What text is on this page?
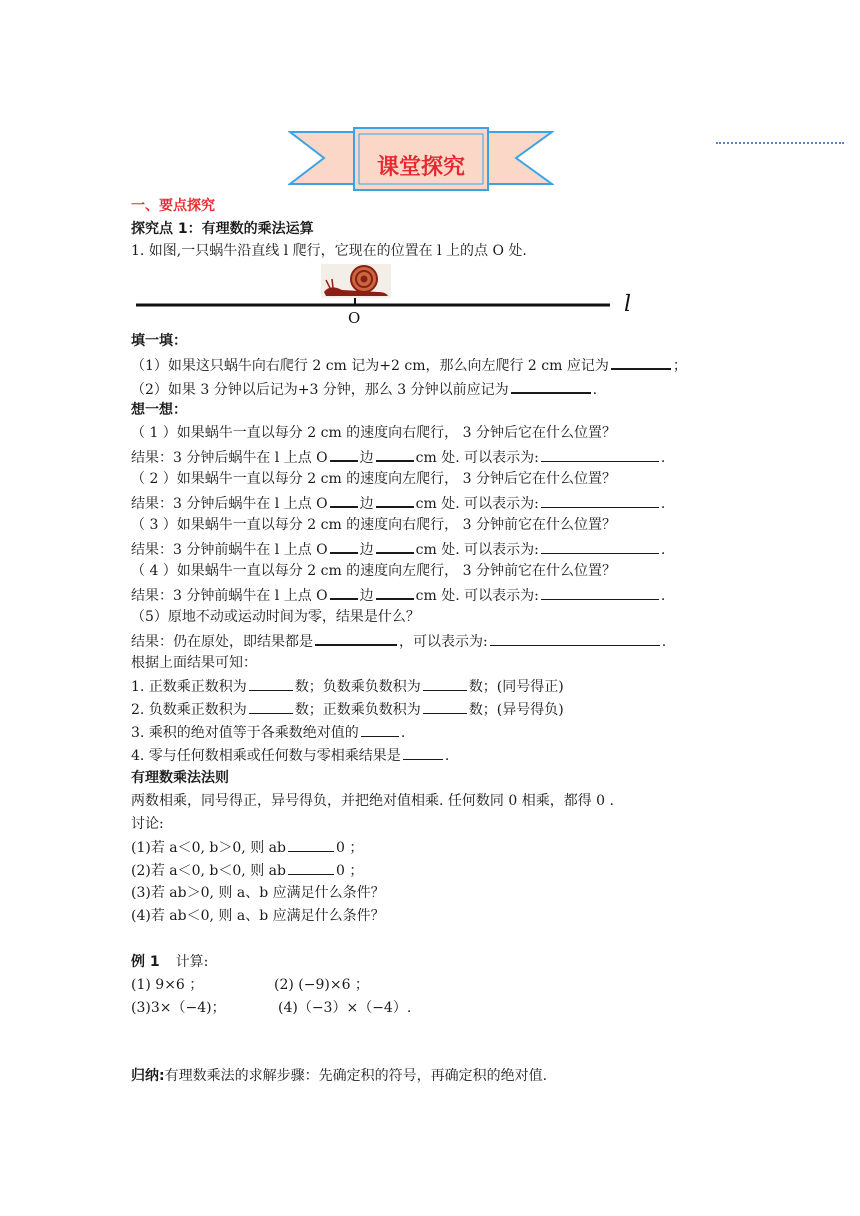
课堂探究
一、要点探究
探究点 1：有理数的乘法运算
1. 如图,一只蜗牛沿直线 l 爬行，它现在的位置在 l 上的点 O 处.
O
l
填一填：
（1）如果这只蜗牛向右爬行 2 cm 记为+2 cm，那么向左爬行 2 cm 应记为	；
（2）如果 3 分钟以后记为+3 分钟，那么 3 分钟以前应记为	.
想一想：
（ 1 ）如果蜗牛一直以每分 2 cm 的速度向右爬行， 3 分钟后它在什么位置？
结果：3 分钟后蜗牛在 l 上点 O 边	cm 处. 可以表示为:	.
（ 2 ）如果蜗牛一直以每分 2 cm 的速度向左爬行， 3 分钟后它在什么位置？
结果：3 分钟后蜗牛在 l 上点 O 边	cm 处. 可以表示为:	.
（ 3 ）如果蜗牛一直以每分 2 cm 的速度向右爬行， 3 分钟前它在什么位置？
结果：3 分钟前蜗牛在 l 上点 O 边	cm 处. 可以表示为:	.
（ 4 ）如果蜗牛一直以每分 2 cm 的速度向左爬行， 3 分钟前它在什么位置？
结果：3 分钟前蜗牛在 l 上点 O 边	cm 处. 可以表示为:	.
（5）原地不动或运动时间为零，结果是什么？
结果：仍在原处，即结果都是	，可以表示为:	.
根据上面结果可知：
1. 正数乘正数积为	数；负数乘负数积为	数；(同号得正)
2. 负数乘正数积为	数；正数乘负数积为	数；(异号得负)
3. 乘积的绝对值等于各乘数绝对值的	.
4. 零与任何数相乘或任何数与零相乘结果是	.
有理数乘法法则
两数相乘，同号得正，异号得负，并把绝对值相乘. 任何数同 0 相乘，都得 0 .
讨论:
(1)若 a＜0, b＞0, 则 ab	0 ；
(2)若 a＜0, b＜0, 则 ab	0 ；
(3)若 ab＞0, 则 a、b 应满足什么条件？
(4)若 ab＜0, 则 a、b 应满足什么条件？
例 1 计算:
(1) 9×6 ；	(2) (−9)×6 ；
(3)3×（−4)；	(4)（−3）×（−4）.
归纳:有理数乘法的求解步骤：先确定积的符号，再确定积的绝对值.
